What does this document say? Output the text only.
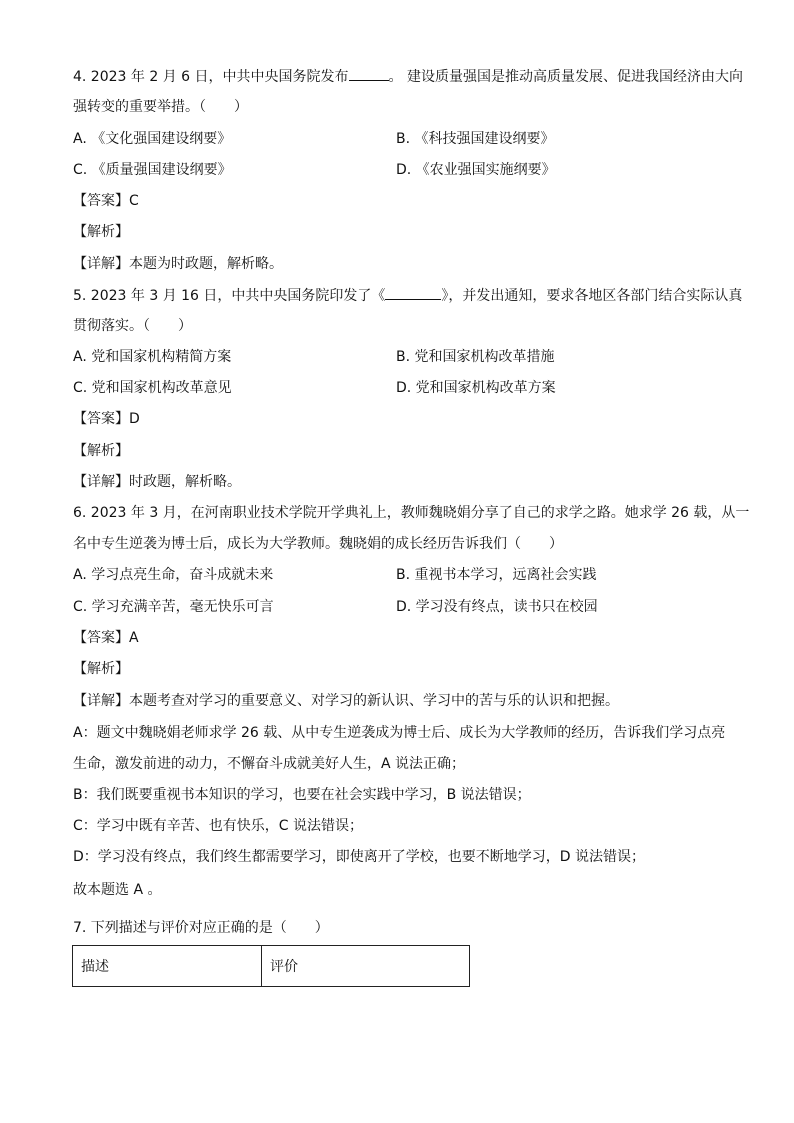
4. 2023 年 2 月 6 日，中共中央国务院发布	。 建设质量强国是推动高质量发展、促进我国经济由大向
强转变的重要举措。（　　）
A. 《文化强国建设纲要》	B. 《科技强国建设纲要》
C. 《质量强国建设纲要》	D. 《农业强国实施纲要》
【答案】C
【解析】
【详解】本题为时政题，解析略。
5. 2023 年 3 月 16 日，中共中央国务院印发了《	》，并发出通知，要求各地区各部门结合实际认真
贯彻落实。（　　）
A. 党和国家机构精简方案	B. 党和国家机构改革措施
C. 党和国家机构改革意见	D. 党和国家机构改革方案
【答案】D
【解析】
【详解】时政题，解析略。
6. 2023 年 3 月，在河南职业技术学院开学典礼上，教师魏晓娟分享了自己的求学之路。她求学 26 载，从一
名中专生逆袭为博士后，成长为大学教师。魏晓娟的成长经历告诉我们（　　）
A. 学习点亮生命，奋斗成就未来	B. 重视书本学习，远离社会实践
C. 学习充满辛苦，毫无快乐可言	D. 学习没有终点，读书只在校园
【答案】A
【解析】
【详解】本题考查对学习的重要意义、对学习的新认识、学习中的苦与乐的认识和把握。
A：题文中魏晓娟老师求学 26 载、从中专生逆袭成为博士后、成长为大学教师的经历，告诉我们学习点亮
生命，激发前进的动力，不懈奋斗成就美好人生，A 说法正确；
B：我们既要重视书本知识的学习，也要在社会实践中学习，B 说法错误；
C：学习中既有辛苦、也有快乐，C 说法错误；
D：学习没有终点，我们终生都需要学习，即使离开了学校，也要不断地学习，D 说法错误；
故本题选 A 。
7. 下列描述与评价对应正确的是（　　）
描述	评价
